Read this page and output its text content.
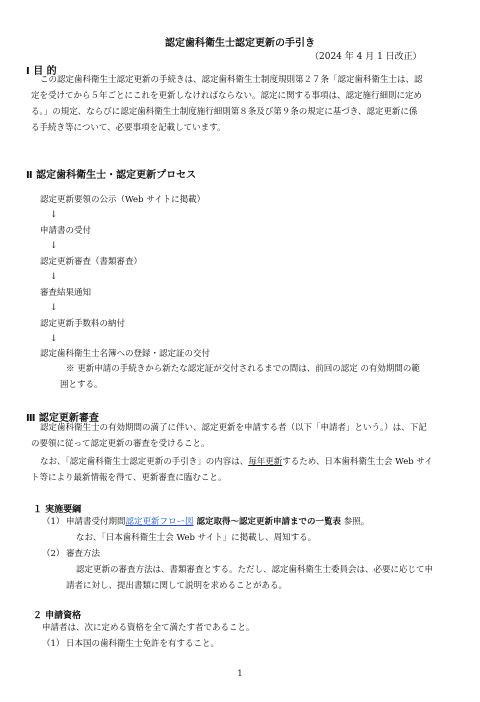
認定歯科衛生士認定更新の手引き
（2024 年 4 月 1 日改正）
Ⅰ 目 的
この認定歯科衛生士認定更新の手続きは、認定歯科衛生士制度規則第２７条「認定歯科衛生士は、認
定を受けてから５年ごとにこれを更新しなければならない。認定に関する事項は、認定施行細則に定め
る。」の規定、ならびに認定歯科衛生士制度施行細則第８条及び第９条の規定に基づき、認定更新に係
る手続き等について、必要事項を記載しています。
Ⅱ 認定歯科衛生士・認定更新プロセス
認定更新要領の公示（Web サイトに掲載）
↓
申請書の受付
↓
認定更新審査（書類審査）
↓
審査結果通知
↓
認定更新手数料の納付
↓
認定歯科衛生士名簿への登録・認定証の交付
※ 更新申請の手続きから新たな認定証が交付されるまでの間は、前回の認定 の有効期間の範
囲とする。
Ⅲ 認定更新審査
認定歯科衛生士の有効期間の満了に伴い、認定更新を申請する者（以下「申請者」という。）は、下記
の要領に従って認定更新の審査を受けること。
なお、「認定歯科衛生士認定更新の手引き」の内容は、毎年更新するため、日本歯科衛生士会 Web サイ
ト等により最新情報を得て、更新審査に臨むこと。
１ 実施要綱
（1） 申請書受付期間認定更新フロー図 認定取得～認定更新申請までの一覧表 参照。
なお、「日本歯科衛生士会 Web サイト」に掲載し、周知する。
（2） 審査方法
認定更新の審査方法は、書類審査とする。ただし、認定歯科衛生士委員会は、必要に応じて申
請者に対し、提出書類に関して説明を求めることがある。
２ 申請資格
申請者は、次に定める資格を全て満たす者であること。
（1） 日本国の歯科衛生士免許を有すること。
1
